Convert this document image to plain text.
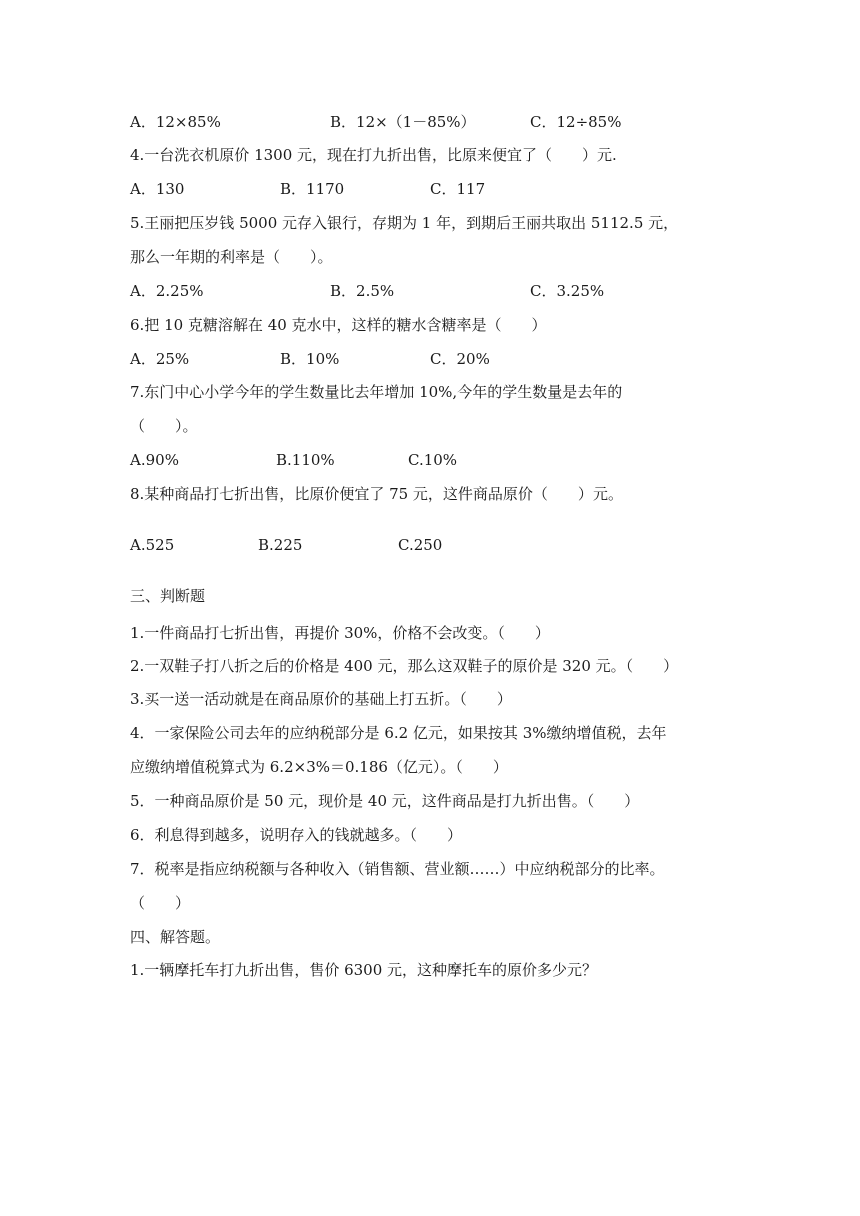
A．12×85%	B．12×（1－85%）	C．12÷85%
4.一台洗衣机原价 1300 元，现在打九折出售，比原来便宜了（　　）元.
A．130	B．1170	C．117
5.王丽把压岁钱 5000 元存入银行，存期为 1 年，到期后王丽共取出 5112.5 元，
那么一年期的利率是（　　）。
A．2.25%	B．2.5%	C．3.25%
6.把 10 克糖溶解在 40 克水中，这样的糖水含糖率是（　　）
A．25%	B．10%	C．20%
7.东门中心小学今年的学生数量比去年增加 10%,今年的学生数量是去年的
（　　）。
A.90%	B.110%	C.10%
8.某种商品打七折出售，比原价便宜了 75 元，这件商品原价（　　）元。
A.525	B.225	C.250
三、判断题
1.一件商品打七折出售，再提价 30%，价格不会改变。（　　）
2.一双鞋子打八折之后的价格是 400 元，那么这双鞋子的原价是 320 元。（　　）
3.买一送一活动就是在商品原价的基础上打五折。（　　）
4．一家保险公司去年的应纳税部分是 6.2 亿元，如果按其 3%缴纳增值税，去年
应缴纳增值税算式为 6.2×3%＝0.186（亿元）。（　　）
5．一种商品原价是 50 元，现价是 40 元，这件商品是打九折出售。（　　）
6．利息得到越多，说明存入的钱就越多。（　　）
7．税率是指应纳税额与各种收入（销售额、营业额……）中应纳税部分的比率。
（　　）
四、解答题。
1.一辆摩托车打九折出售，售价 6300 元，这种摩托车的原价多少元？
